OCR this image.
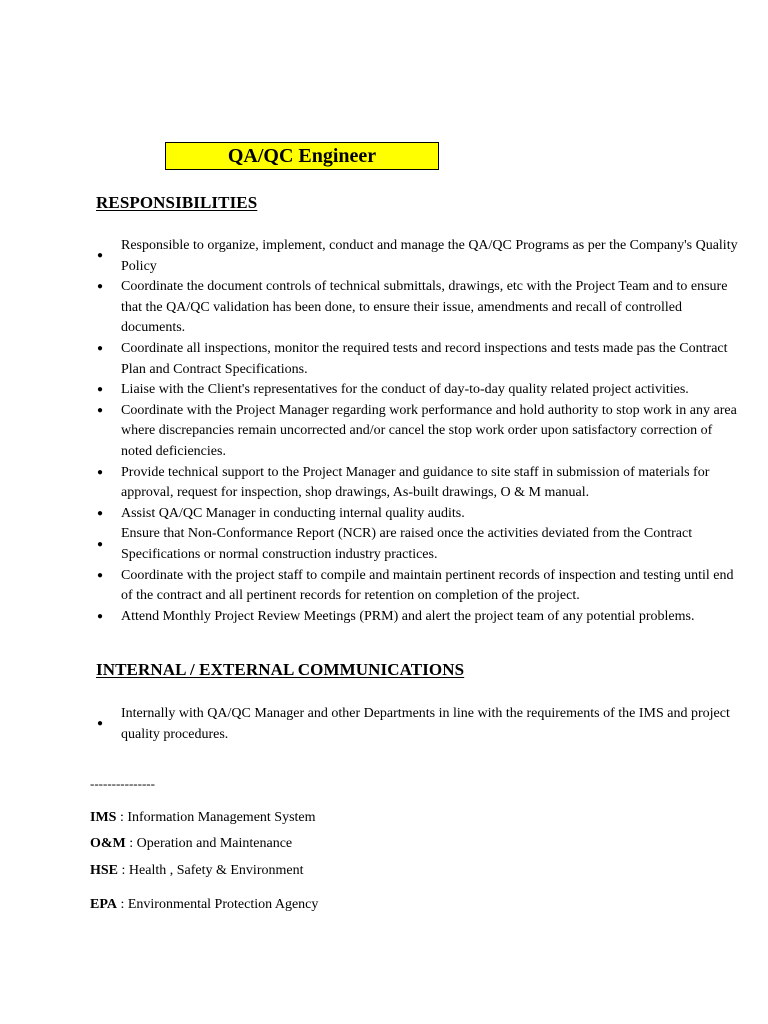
QA/QC Engineer
RESPONSIBILITIES
●
Responsible to organize, implement, conduct and manage the QA/QC Programs as per the Company's Quality Policy
●	Coordinate the document controls of technical submittals, drawings, etc with the Project Team and to ensure that the QA/QC validation has been done, to ensure their issue, amendments and recall of controlled documents.
●	Coordinate all inspections, monitor the required tests and record inspections and tests made pas the Contract Plan and Contract Specifications.
●	Liaise with the Client's representatives for the conduct of day-to-day quality related project activities.
●	Coordinate with the Project Manager regarding work performance and hold authority to stop work in any area where discrepancies remain uncorrected and/or cancel the stop work order upon satisfactory correction of noted deficiencies.
●	Provide technical support to the Project Manager and guidance to site staff in submission of materials for approval, request for inspection, shop drawings, As-built drawings, O & M manual.
●	Assist QA/QC Manager in conducting internal quality audits.
●
Ensure that Non-Conformance Report (NCR) are raised once the activities deviated from the Contract Specifications or normal construction industry practices.
●	Coordinate with the project staff to compile and maintain pertinent records of inspection and testing until end of the contract and all pertinent records for retention on completion of the project.
●	Attend Monthly Project Review Meetings (PRM) and alert the project team of any potential problems.
INTERNAL / EXTERNAL COMMUNICATIONS
●
Internally with QA/QC Manager and other Departments in line with the requirements of the IMS and project quality procedures.
---------------
IMS : Information Management System
O&M : Operation and Maintenance
HSE : Health , Safety & Environment
EPA : Environmental Protection Agency
